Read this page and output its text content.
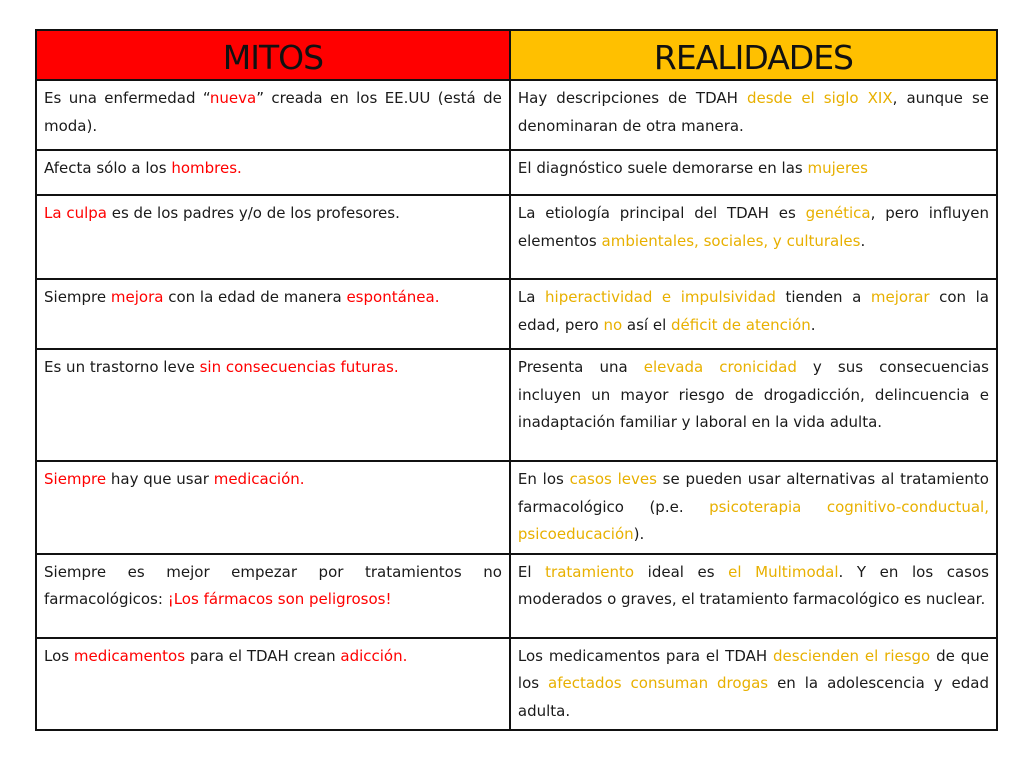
MITOS	REALIDADES
Es una enfermedad “nueva” creada en los EE.UU (está de moda).	Hay descripciones de TDAH desde el siglo XIX, aunque se denominaran de otra manera.
Afecta sólo a los hombres.	El diagnóstico suele demorarse en las mujeres
La culpa es de los padres y/o de los profesores.	La etiología principal del TDAH es genética, pero influyen elementos ambientales, sociales, y culturales.
Siempre mejora con la edad de manera espontánea.	La hiperactividad e impulsividad tienden a mejorar con la edad, pero no así el déficit de atención.
Es un trastorno leve sin consecuencias futuras.	Presenta una elevada cronicidad y sus consecuencias incluyen un mayor riesgo de drogadicción, delincuencia e inadaptación familiar y laboral en la vida adulta.
Siempre hay que usar medicación.	En los casos leves se pueden usar alternativas al tratamiento farmacológico (p.e. psicoterapia cognitivo-conductual, psicoeducación).
Siempre es mejor empezar por tratamientos no farmacológicos: ¡Los fármacos son peligrosos!	El tratamiento ideal es el Multimodal. Y en los casos moderados o graves, el tratamiento farmacológico es nuclear.
Los medicamentos para el TDAH crean adicción.	Los medicamentos para el TDAH descienden el riesgo de que los afectados consuman drogas en la adolescencia y edad adulta.
